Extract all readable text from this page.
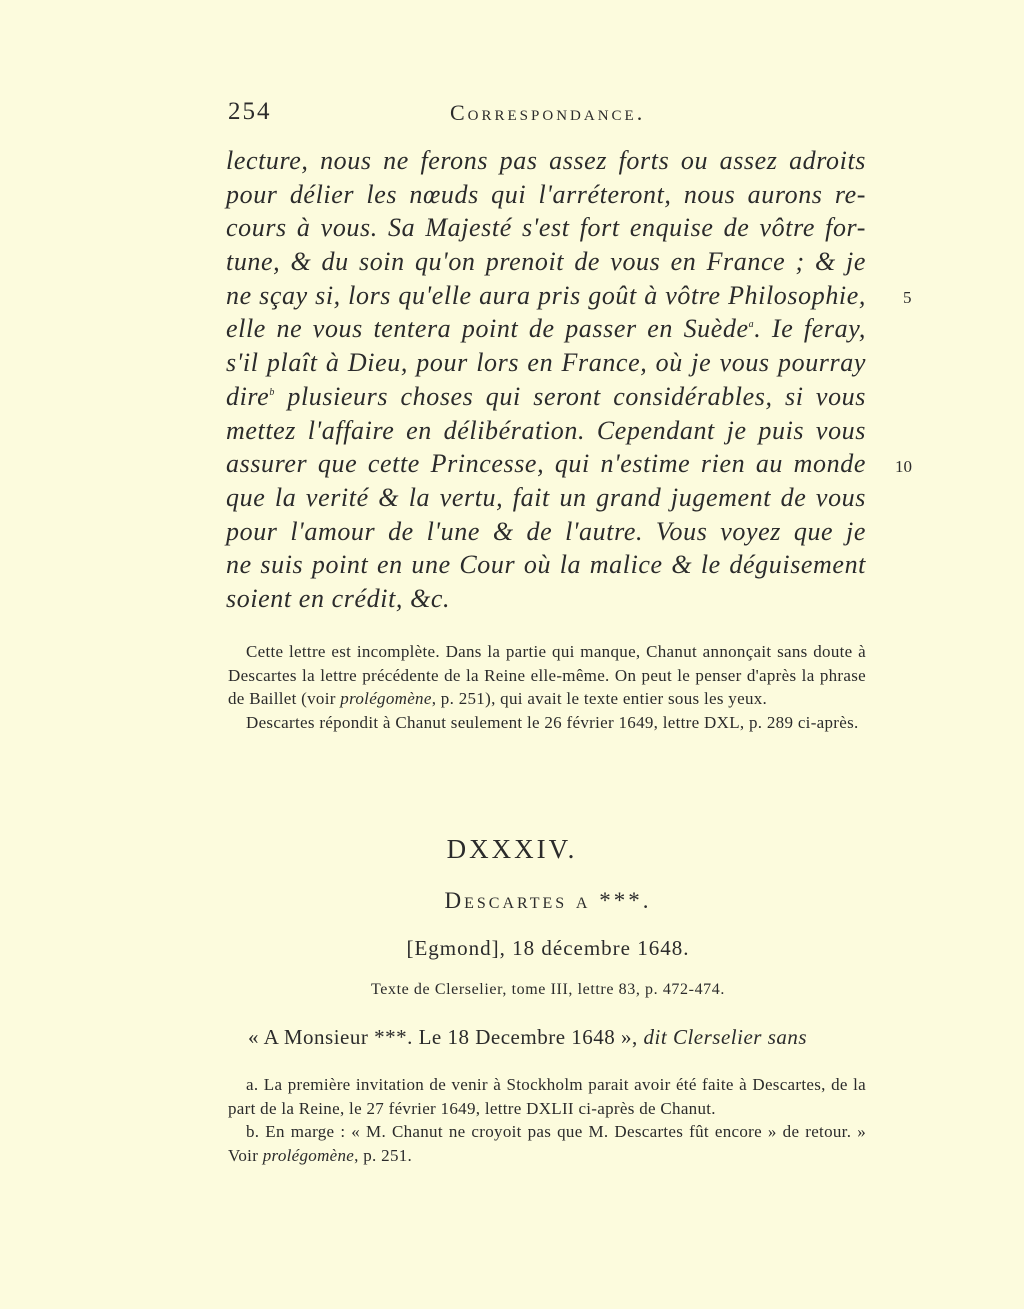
254	Correspondance.
lecture, nous ne ferons pas assez forts ou assez adroits
pour délier les nœuds qui l'arréteront, nous aurons re-
cours à vous. Sa Majesté s'est fort enquise de vôtre for-
tune, & du soin qu'on prenoit de vous en France ; & je
ne sçay si, lors qu'elle aura pris goût à vôtre Philosophie,
elle ne vous tentera point de passer en Suède$^a$. Ie feray,
s'il plaît à Dieu, pour lors en France, où je vous pourray
dire$^b$ plusieurs choses qui seront considérables, si vous
mettez l'affaire en délibération. Cependant je puis vous
assurer que cette Princesse, qui n'estime rien au monde
que la verité & la vertu, fait un grand jugement de vous
pour l'amour de l'une & de l'autre. Vous voyez que je
ne suis point en une Cour où la malice & le déguisement
soient en crédit, &c.
5
10

Cette lettre est incomplète. Dans la partie qui manque, Chanut annonçait sans doute à Descartes la lettre précédente de la Reine elle-même. On peut le penser d'après la phrase de Baillet (voir prolégomène, p. 251), qui avait le texte entier sous les yeux.

Descartes répondit à Chanut seulement le 26 février 1649, lettre DXL, p. 289 ci-après.

DXXXIV.
Descartes a ***.
[Egmond], 18 décembre 1648.
Texte de Clerselier, tome III, lettre 83, p. 472-474.
« A Monsieur ***. Le 18 Decembre 1648 », dit Clerselier sans

a. La première invitation de venir à Stockholm parait avoir été faite à Descartes, de la part de la Reine, le 27 février 1649, lettre DXLII ci-après de Chanut.

b. En marge : « M. Chanut ne croyoit pas que M. Descartes fût encore » de retour. » Voir prolégomène, p. 251.
